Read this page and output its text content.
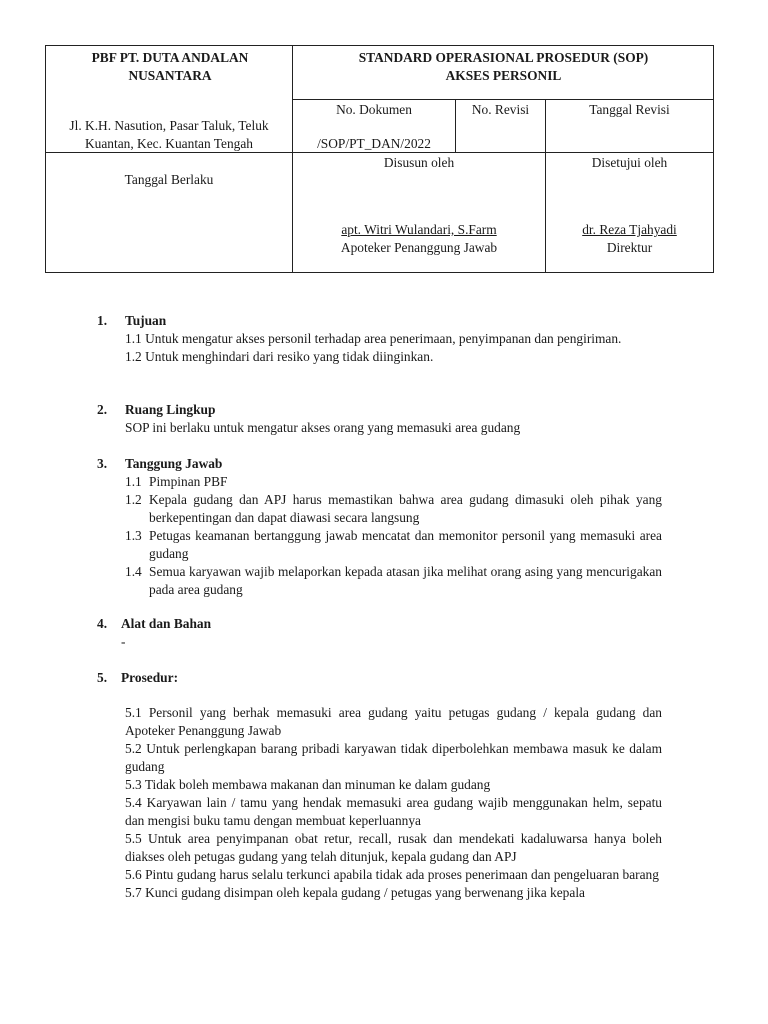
PBF PT. DUTA ANDALAN NUSANTARA
Jl. K.H. Nasution, Pasar Taluk, Teluk Kuantan, Kec. Kuantan Tengah
STANDARD OPERASIONAL PROSEDUR (SOP)
AKSES PERSONIL
No. Dokumen
/SOP/PT_DAN/2022
No. Revisi	Tanggal Revisi
Tanggal Berlaku
Disusun oleh
apt. Witri Wulandari, S.Farm
Apoteker Penanggung Jawab
Disetujui oleh
dr. Reza Tjahyadi
Direktur
1. Tujuan
1.1 Untuk mengatur akses personil terhadap area penerimaan, penyimpanan dan pengiriman.
1.2 Untuk menghindari dari resiko yang tidak diinginkan.
2. Ruang Lingkup
SOP ini berlaku untuk mengatur akses orang yang memasuki area gudang
3. Tanggung Jawab
1.1 Pimpinan PBF
1.2 Kepala gudang dan APJ harus memastikan bahwa area gudang dimasuki oleh pihak yang berkepentingan dan dapat diawasi secara langsung
1.3 Petugas keamanan bertanggung jawab mencatat dan memonitor personil yang memasuki area gudang
1.4 Semua karyawan wajib melaporkan kepada atasan jika melihat orang asing yang mencurigakan pada area gudang
4. Alat dan Bahan
-
5. Prosedur:
5.1 Personil yang berhak memasuki area gudang yaitu petugas gudang / kepala gudang dan Apoteker Penanggung Jawab
5.2 Untuk perlengkapan barang pribadi karyawan tidak diperbolehkan membawa masuk ke dalam gudang
5.3 Tidak boleh membawa makanan dan minuman ke dalam gudang
5.4 Karyawan lain / tamu yang hendak memasuki area gudang wajib menggunakan helm, sepatu dan mengisi buku tamu dengan membuat keperluannya
5.5 Untuk area penyimpanan obat retur, recall, rusak dan mendekati kadaluwarsa hanya boleh diakses oleh petugas gudang yang telah ditunjuk, kepala gudang dan APJ
5.6 Pintu gudang harus selalu terkunci apabila tidak ada proses penerimaan dan pengeluaran barang
5.7 Kunci gudang disimpan oleh kepala gudang / petugas yang berwenang jika kepala
